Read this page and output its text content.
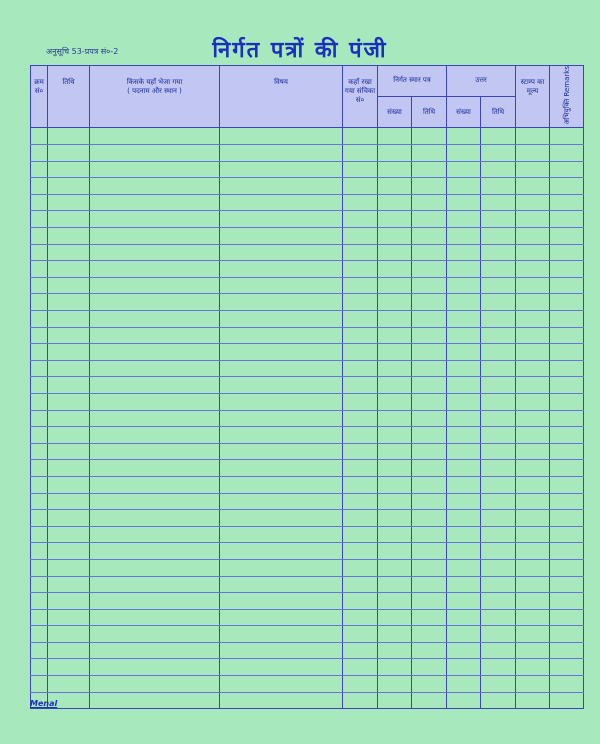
अनुसूचि 53-प्रपत्र सं०-2	निर्गत पत्रों की पंजी
क्रम सं०	तिथि	किसके यहाँ भेजा गया
( पदनाम और स्थान )	विषय	कहाँ रखा गया संचिका सं०	निर्गत स्मार पत्र		उत्तर		स्टाम्प का मूल्य	अभियुक्ति Remarks
					संख्या	तिथि	संख्या	तिथि		

Menal
